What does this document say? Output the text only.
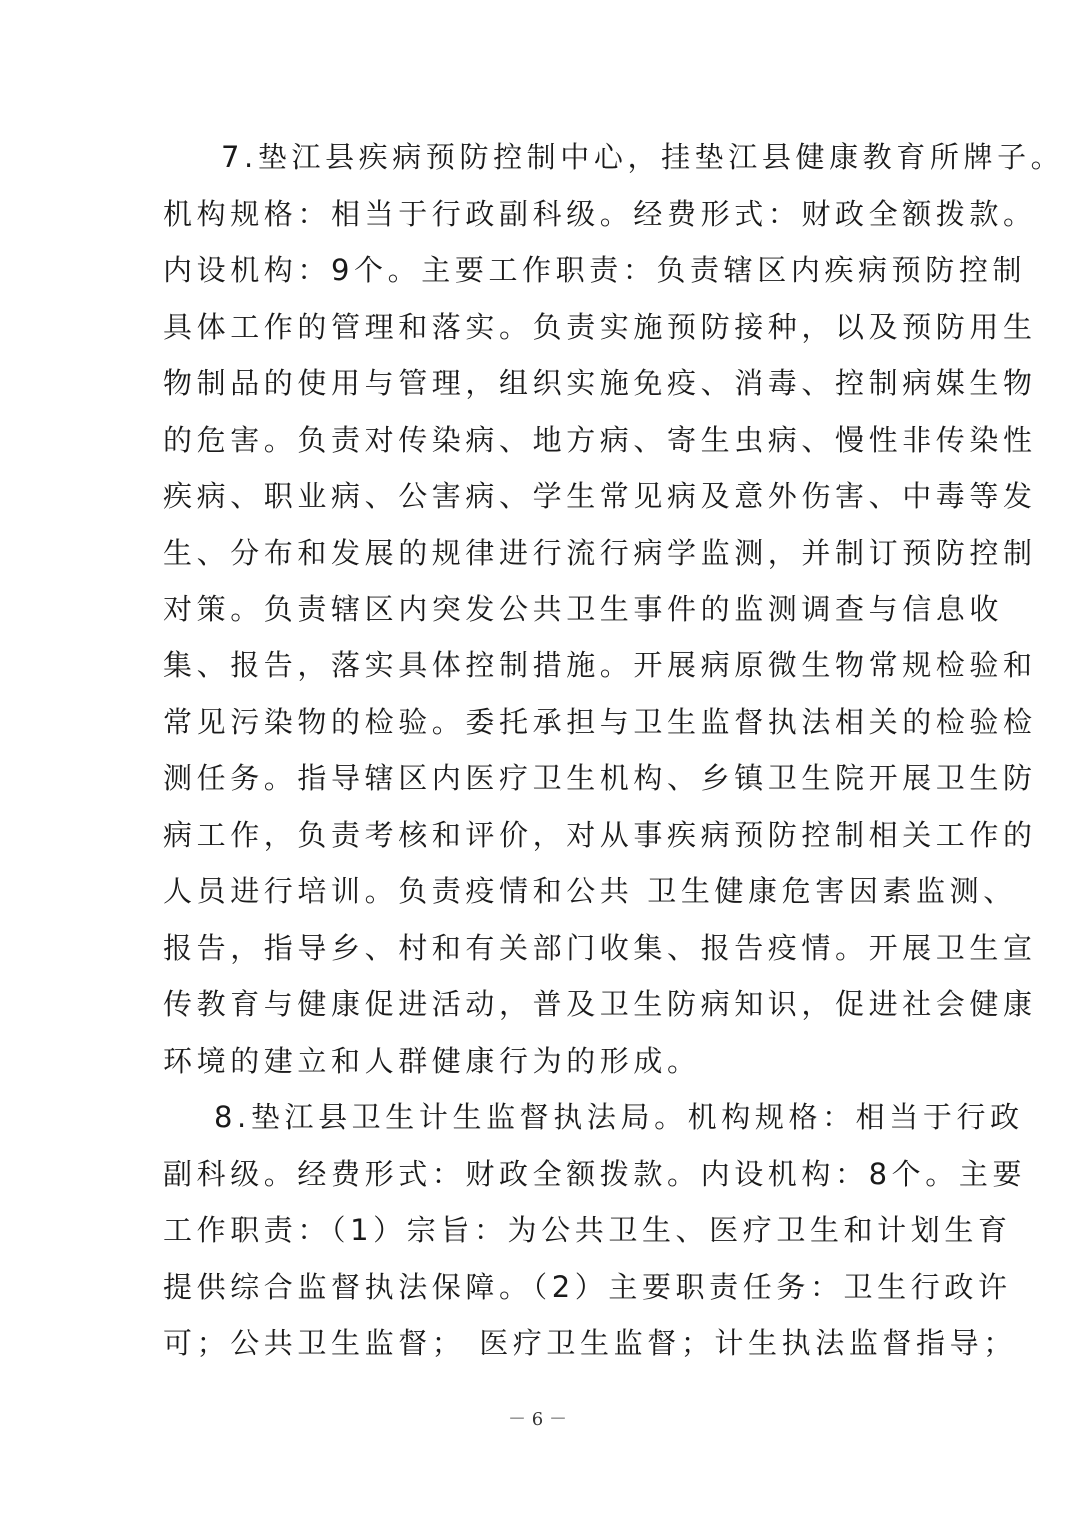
7.垫江县疾病预防控制中心，挂垫江县健康教育所牌子。
机构规格：相当于行政副科级。经费形式：财政全额拨款。
内设机构：9个。主要工作职责：负责辖区内疾病预防控制
具体工作的管理和落实。负责实施预防接种，以及预防用生
物制品的使用与管理，组织实施免疫、消毒、控制病媒生物
的危害。负责对传染病、地方病、寄生虫病、慢性非传染性
疾病、职业病、公害病、学生常见病及意外伤害、中毒等发
生、分布和发展的规律进行流行病学监测，并制订预防控制
对策。负责辖区内突发公共卫生事件的监测调查与信息收
集、报告，落实具体控制措施。开展病原微生物常规检验和
常见污染物的检验。委托承担与卫生监督执法相关的检验检
测任务。指导辖区内医疗卫生机构、乡镇卫生院开展卫生防
病工作，负责考核和评价，对从事疾病预防控制相关工作的
人员进行培训。负责疫情和公共 卫生健康危害因素监测、
报告，指导乡、村和有关部门收集、报告疫情。开展卫生宣
传教育与健康促进活动，普及卫生防病知识，促进社会健康
环境的建立和人群健康行为的形成。
8.垫江县卫生计生监督执法局。机构规格：相当于行政
副科级。经费形式：财政全额拨款。内设机构：8个。主要
工作职责：（1）宗旨：为公共卫生、医疗卫生和计划生育
提供综合监督执法保障。（2）主要职责任务：卫生行政许
可；公共卫生监督； 医疗卫生监督；计生执法监督指导；
－ 6 －
